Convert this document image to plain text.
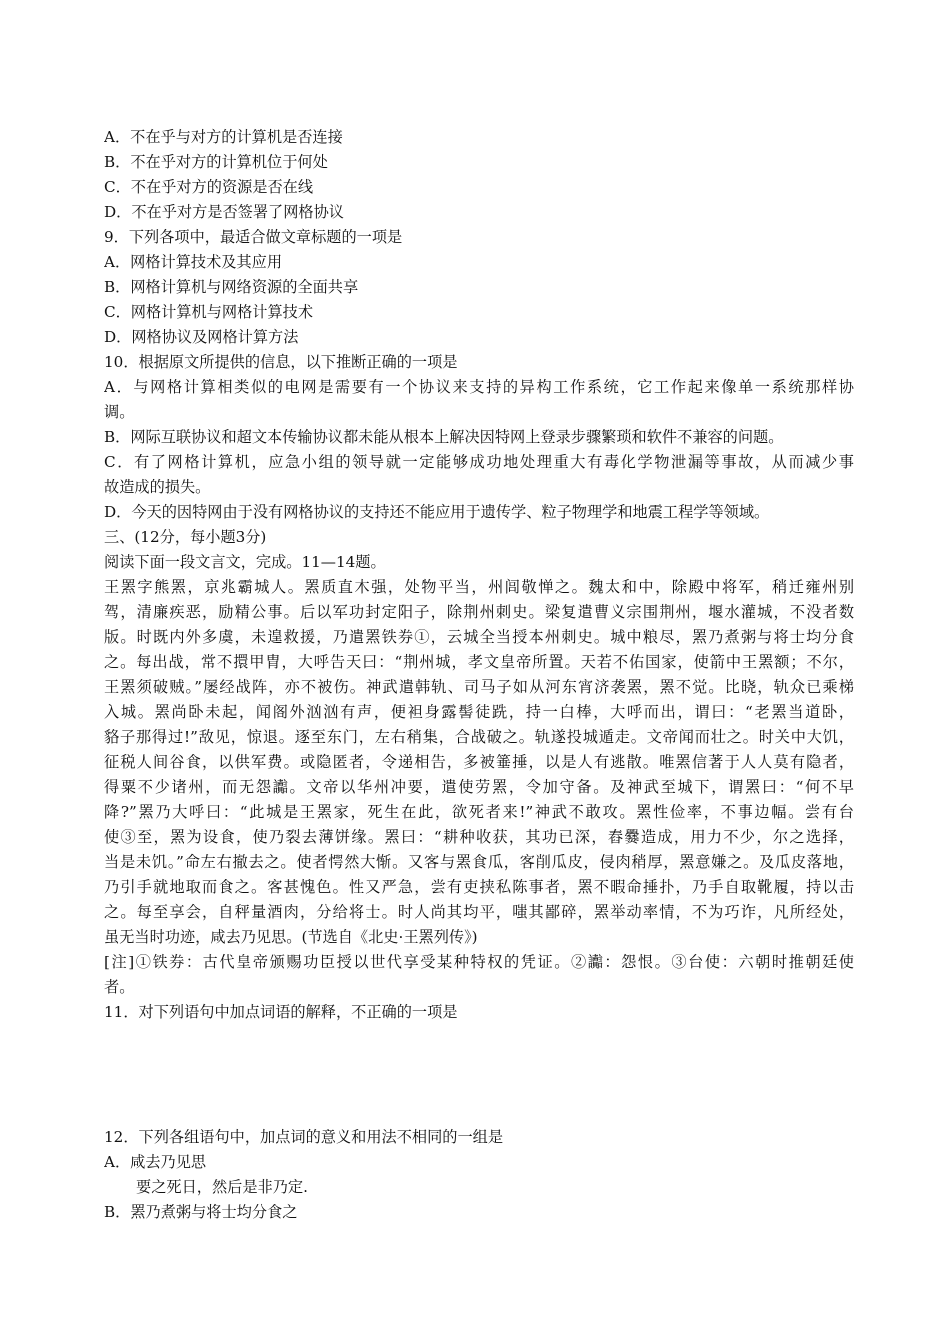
A．不在乎与对方的计算机是否连接
B．不在乎对方的计算机位于何处
C．不在乎对方的资源是否在线
D．不在乎对方是否签署了网格协议
9．下列各项中，最适合做文章标题的一项是
A．网格计算技术及其应用
B．网格计算机与网络资源的全面共享
C．网格计算机与网格计算技术
D．网格协议及网格计算方法
10．根据原文所提供的信息，以下推断正确的一项是
A．与网格计算相类似的电网是需要有一个协议来支持的异构工作系统，它工作起来像单一系统那样协
调。
B．网际互联协议和超文本传输协议都未能从根本上解决因特网上登录步骤繁琐和软件不兼容的问题。
C．有了网格计算机，应急小组的领导就一定能够成功地处理重大有毒化学物泄漏等事故，从而减少事
故造成的损失。
D．今天的因特网由于没有网格协议的支持还不能应用于遗传学、粒子物理学和地震工程学等领域。
三、(12分，每小题3分)
阅读下面一段文言文，完成。11—14题。
王罴字熊罴，京兆霸城人。罴质直木强，处物平当，州闾敬惮之。魏太和中，除殿中将军，稍迁雍州别
驾，清廉疾恶，励精公事。后以军功封定阳子，除荆州刺史。梁复遣曹义宗围荆州，堰水灌城，不没者数
版。时既内外多虞，未遑救援，乃遣罴铁券①，云城全当授本州刺史。城中粮尽，罴乃煮粥与将士均分食
之。每出战，常不擐甲胄，大呼告天曰：“荆州城，孝文皇帝所置。天若不佑国家，使箭中王罴额；不尔，
王罴须破贼。”屡经战阵，亦不被伤。神武遣韩轨、司马子如从河东宵济袭罴，罴不觉。比晓，轨众已乘梯
入城。罴尚卧未起，闻阁外汹汹有声，便袒身露髻徒跣，持一白棒，大呼而出，谓曰：“老罴当道卧，
貉子那得过!”敌见，惊退。逐至东门，左右稍集，合战破之。轨遂投城遁走。文帝闻而壮之。时关中大饥，
征税人间谷食，以供军费。或隐匿者，令递相告，多被箠捶，以是人有逃散。唯罴信著于人人莫有隐者，
得粟不少诸州，而无怨讟。文帝以华州冲要，遣使劳罴，令加守备。及神武至城下，谓罴曰：“何不早
降?”罴乃大呼曰：“此城是王罴家，死生在此，欲死者来!”神武不敢攻。罴性俭率，不事边幅。尝有台
使③至，罴为设食，使乃裂去薄饼缘。罴曰：“耕种收获，其功已深，舂爨造成，用力不少，尔之选择，
当是未饥。”命左右撤去之。使者愕然大惭。又客与罴食瓜，客削瓜皮，侵肉稍厚，罴意嫌之。及瓜皮落地，
乃引手就地取而食之。客甚愧色。性又严急，尝有吏挟私陈事者，罴不暇命捶扑，乃手自取靴履，持以击
之。每至享会，自秤量酒肉，分给将士。时人尚其均平，嗤其鄙碎，罴举动率情，不为巧诈，凡所经处，
虽无当时功迹，咸去乃见思。(节选自《北史·王罴列传》)
[注]①铁券：古代皇帝颁赐功臣授以世代享受某种特权的凭证。②讟：怨恨。③台使：六朝时推朝廷使
者。
11．对下列语句中加点词语的解释，不正确的一项是
12．下列各组语句中，加点词的意义和用法不相同的一组是
A．咸去乃见思
要之死日，然后是非乃定.
B．罴乃煮粥与将士均分食之
